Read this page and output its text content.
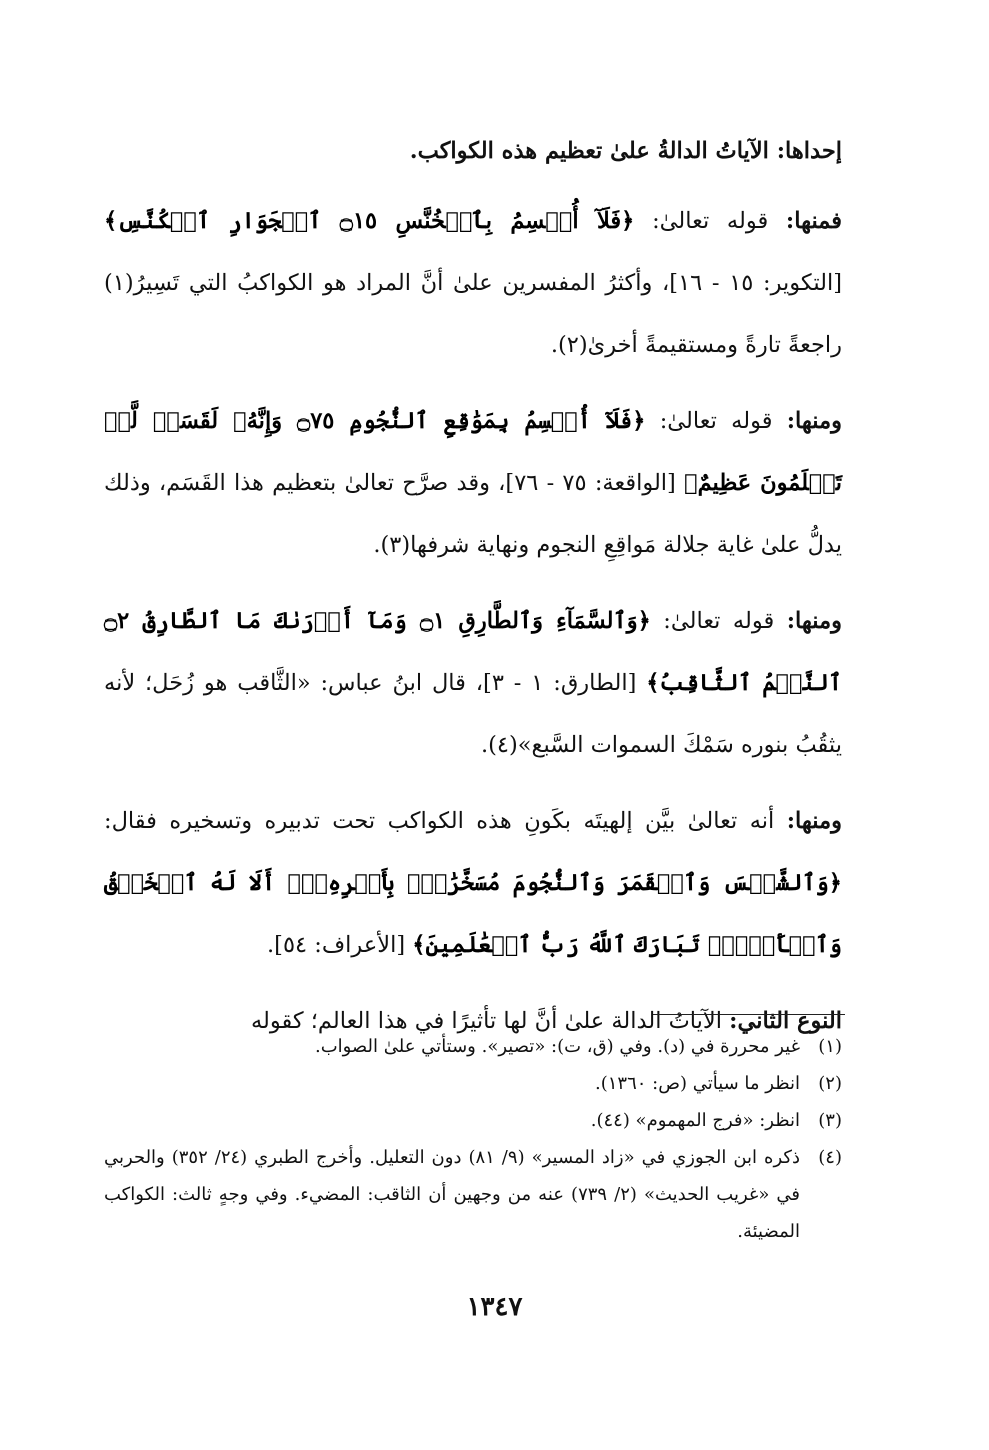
إحداها: الآياتُ الدالةُ علىٰ تعظيم هذه الكواكب.

فمنها: قوله تعالىٰ: ﴿فَلَآ أُقۡسِمُ بِٱلۡخُنَّسِ ۝١٥ ٱلۡجَوَارِ ٱلۡكُنَّسِ﴾ [التكوير: ١٥ - ١٦]، وأكثرُ المفسرين علىٰ أنَّ المراد هو الكواكبُ التي تَسِيرُ(١) راجعةً تارةً ومستقيمةً أخرىٰ(٢).

ومنها: قوله تعالىٰ: ﴿فَلَآ أُقۡسِمُ بِمَوَٰقِعِ ٱلنُّجُومِ ۝٧٥ وَإِنَّهُۥ لَقَسَمٞ لَّوۡ تَعۡلَمُونَ عَظِيمٌ﴾ [الواقعة: ٧٥ - ٧٦]، وقد صرَّح تعالىٰ بتعظيم هذا القَسَم، وذلك يدلُّ علىٰ غاية جلالة مَواقِعِ النجوم ونهاية شرفها(٣).

ومنها: قوله تعالىٰ: ﴿وَٱلسَّمَآءِ وَٱلطَّارِقِ ۝١ وَمَآ أَدۡرَىٰكَ مَا ٱلطَّارِقُ ۝٢ ٱلنَّجۡمُ ٱلثَّاقِبُ﴾ [الطارق: ١ - ٣]، قال ابنُ عباس: «الثَّاقب هو زُحَل؛ لأنه يثقُبُ بنوره سَمْكَ السموات السَّبع»(٤).

ومنها: أنه تعالىٰ بيَّن إلهيتَه بكَونِ هذه الكواكب تحت تدبيره وتسخيره فقال: ﴿وَٱلشَّمۡسَ وَٱلۡقَمَرَ وَٱلنُّجُومَ مُسَخَّرَٰتِۭ بِأَمۡرِهِۦٓۗ أَلَا لَهُ ٱلۡخَلۡقُ وَٱلۡأَمۡرُۗ تَبَارَكَ ٱللَّهُ رَبُّ ٱلۡعَٰلَمِينَ﴾ [الأعراف: ٥٤].

النوع الثاني: الآياتُ الدالة علىٰ أنَّ لها تأثيرًا في هذا العالم؛ كقوله

(١)
غير محررة في (د). وفي (ق، ت): «تصير». وستأتي علىٰ الصواب.
(٢)
انظر ما سيأتي (ص: ١٣٦٠).
(٣)
انظر: «فرج المهموم» (٤٤).
(٤)
ذكره ابن الجوزي في «زاد المسير» (٩/ ٨١) دون التعليل. وأخرج الطبري (٢٤/ ٣٥٢) والحربي في «غريب الحديث» (٢/ ٧٣٩) عنه من وجهين أن الثاقب: المضيء. وفي وجهٍ ثالث: الكواكب المضيئة.
١٣٤٧
